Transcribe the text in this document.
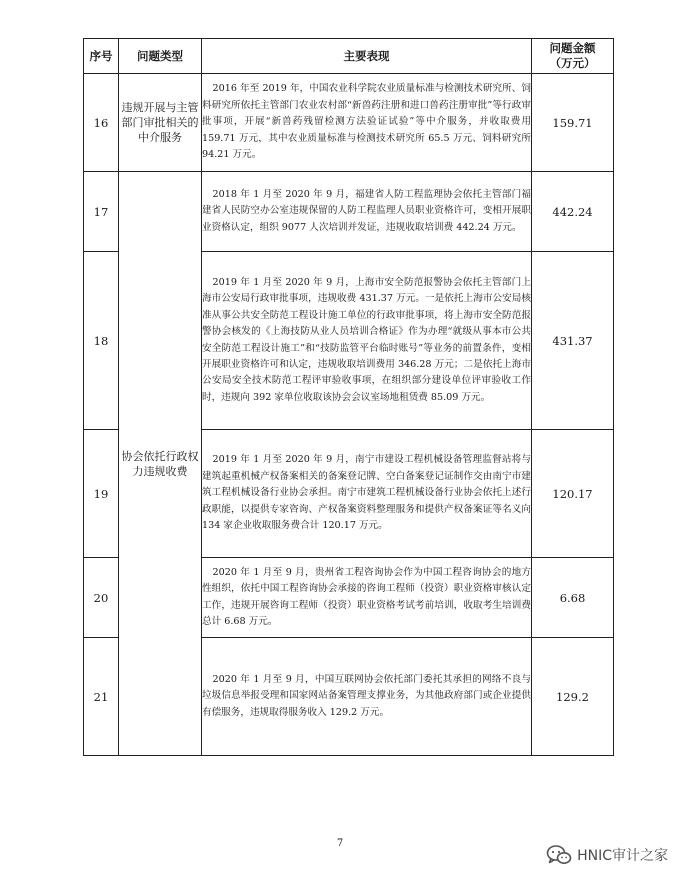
序号	问题类型	主要表现	问题金额
（万元）
16	违规开展与主管部门审批相关的中介服务	2016 年至 2019 年，中国农业科学院农业质量标准与检测技术研究所、饲料研究所依托主管部门农业农村部“新兽药注册和进口兽药注册审批”等行政审批事项，开展“新兽药残留检测方法验证试验”等中介服务，并收取费用 159.71 万元，其中农业质量标准与检测技术研究所 65.5 万元、饲料研究所 94.21 万元。	159.71
17	协会依托行政权力违规收费	2018 年 1 月至 2020 年 9 月，福建省人防工程监理协会依托主管部门福建省人民防空办公室违规保留的人防工程监理人员职业资格许可，变相开展职业资格认定，组织 9077 人次培训并发证，违规收取培训费 442.24 万元。	442.24
18		2019 年 1 月至 2020 年 9 月，上海市安全防范报警协会依托主管部门上海市公安局行政审批事项，违规收费 431.37 万元。一是依托上海市公安局核准从事公共安全防范工程设计施工单位的行政审批事项，将上海市安全防范报警协会核发的《上海技防从业人员培训合格证》作为办理“就级从事本市公共安全防范工程设计施工”和“技防监管平台临时账号”等业务的前置条件，变相开展职业资格许可和认定，违规收取培训费用 346.28 万元；二是依托上海市公安局安全技术防范工程评审验收事项，在组织部分建设单位评审验收工作时，违规向 392 家单位收取该协会会议室场地租赁费 85.09 万元。	431.37
19		2019 年 1 月至 2020 年 9 月，南宁市建设工程机械设备管理监督站将与建筑起重机械产权备案相关的备案登记牌、空白备案登记证制作交由南宁市建筑工程机械设备行业协会承担。南宁市建筑工程机械设备行业协会依托上述行政职能，以提供专家咨询、产权备案资料整理服务和提供产权备案证等名义向 134 家企业收取服务费合计 120.17 万元。	120.17
20		2020 年 1 月至 9 月，贵州省工程咨询协会作为中国工程咨询协会的地方性组织，依托中国工程咨询协会承接的咨询工程师（投资）职业资格审核认定工作，违规开展咨询工程师（投资）职业资格考试考前培训，收取考生培训费总计 6.68 万元。	6.68
21		2020 年 1 月至 9 月，中国互联网协会依托部门委托其承担的网络不良与垃圾信息举报受理和国家网站备案管理支撑业务，为其他政府部门或企业提供有偿服务，违规取得服务收入 129.2 万元。	129.2
7
HNIC审计之家
